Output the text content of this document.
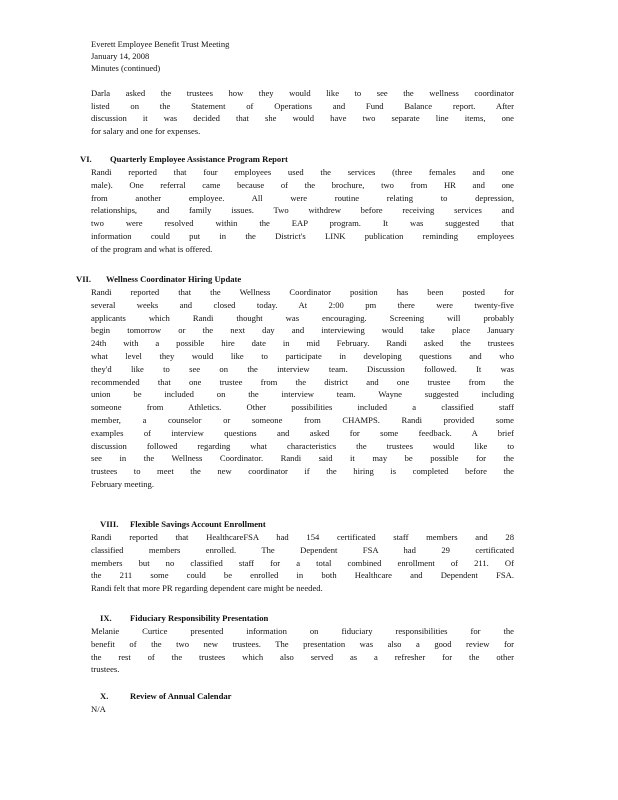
Everett Employee Benefit Trust Meeting
January 14, 2008
Minutes (continued)
Darla asked the trustees how they would like to see the wellness coordinator
listed on the Statement of Operations and Fund Balance report. After
discussion it was decided that she would have two separate line items, one
for salary and one for expenses.
VI. Quarterly Employee Assistance Program Report
Randi reported that four employees used the services (three females and one
male). One referral came because of the brochure, two from HR and one
from another employee. All were routine relating to depression,
relationships, and family issues. Two withdrew before receiving services and
two were resolved within the EAP program. It was suggested that
information could put in the District's LINK publication reminding employees
of the program and what is offered.
VII. Wellness Coordinator Hiring Update
Randi reported that the Wellness Coordinator position has been posted for
several weeks and closed today. At 2:00 pm there were twenty-five
applicants which Randi thought was encouraging. Screening will probably
begin tomorrow or the next day and interviewing would take place January
24th with a possible hire date in mid February. Randi asked the trustees
what level they would like to participate in developing questions and who
they'd like to see on the interview team. Discussion followed. It was
recommended that one trustee from the district and one trustee from the
union be included on the interview team. Wayne suggested including
someone from Athletics. Other possibilities included a classified staff
member, a counselor or someone from CHAMPS. Randi provided some
examples of interview questions and asked for some feedback. A brief
discussion followed regarding what characteristics the trustees would like to
see in the Wellness Coordinator. Randi said it may be possible for the
trustees to meet the new coordinator if the hiring is completed before the
February meeting.
VIII. Flexible Savings Account Enrollment
Randi reported that HealthcareFSA had 154 certificated staff members and 28
classified members enrolled. The Dependent FSA had 29 certificated
members but no classified staff for a total combined enrollment of 211. Of
the 211 some could be enrolled in both Healthcare and Dependent FSA.
Randi felt that more PR regarding dependent care might be needed.
IX. Fiduciary Responsibility Presentation
Melanie Curtice presented information on fiduciary responsibilities for the
benefit of the two new trustees. The presentation was also a good review for
the rest of the trustees which also served as a refresher for the other
trustees.
X.	Review of Annual Calendar
N/A
